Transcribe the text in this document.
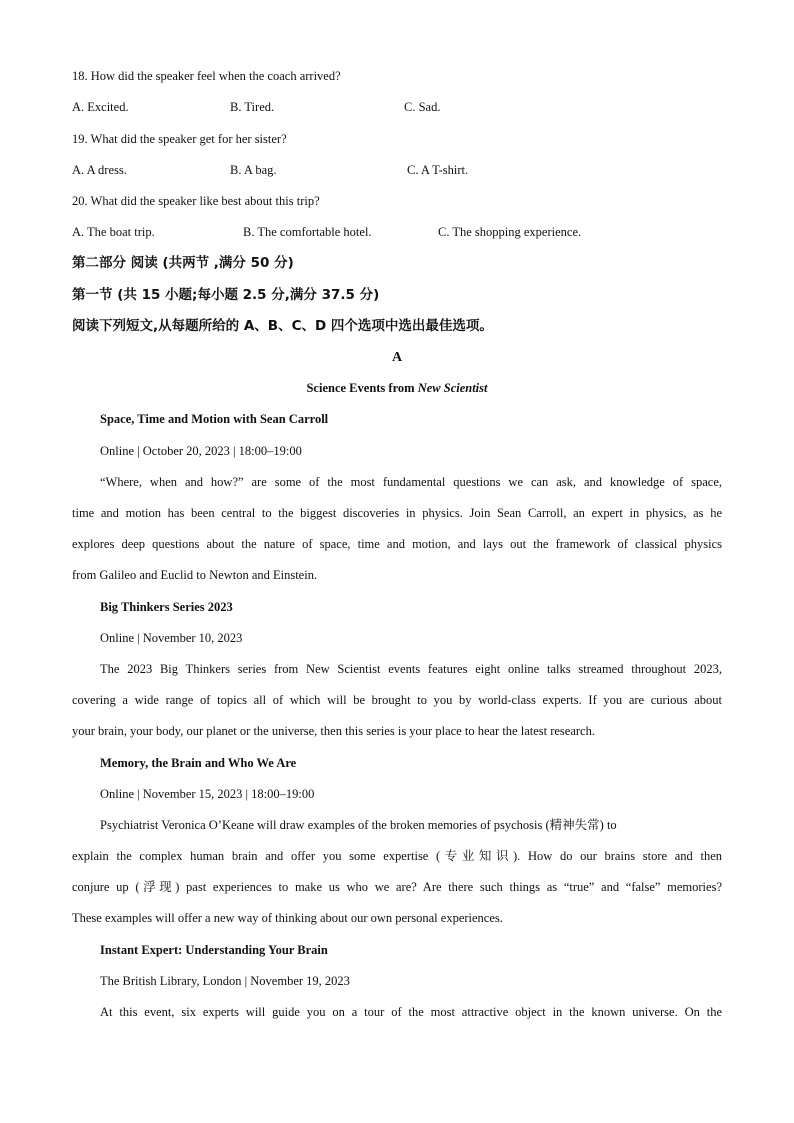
18. How did the speaker feel when the coach arrived?
A. Excited.	B. Tired.	C. Sad.
19. What did the speaker get for her sister?
A. A dress.	B. A bag.	C. A T-shirt.
20. What did the speaker like best about this trip?
A. The boat trip.	B. The comfortable hotel.	C. The shopping experience.
第二部分 阅读 (共两节 ,满分 50 分)
第一节 (共 15 小题;每小题 2.5 分,满分 37.5 分)
阅读下列短文,从每题所给的 A、B、C、D 四个选项中选出最佳选项。
A
Science Events from New Scientist
Space, Time and Motion with Sean Carroll
Online | October 20, 2023 | 18:00–19:00
“Where, when and how?” are some of the most fundamental questions we can ask, and knowledge of space,
time and motion has been central to the biggest discoveries in physics. Join Sean Carroll, an expert in physics, as he
explores deep questions about the nature of space, time and motion, and lays out the framework of classical physics
from Galileo and Euclid to Newton and Einstein.
Big Thinkers Series 2023
Online | November 10, 2023
The 2023 Big Thinkers series from New Scientist events features eight online talks streamed throughout 2023,
covering a wide range of topics all of which will be brought to you by world-class experts. If you are curious about
your brain, your body, our planet or the universe, then this series is your place to hear the latest research.
Memory, the Brain and Who We Are
Online | November 15, 2023 | 18:00–19:00
Psychiatrist Veronica O’Keane will draw examples of the broken memories of psychosis (精神失常) to
explain the complex human brain and offer you some expertise (专业知识). How do our brains store and then
conjure up (浮现) past experiences to make us who we are? Are there such things as “true” and “false” memories?
These examples will offer a new way of thinking about our own personal experiences.
Instant Expert: Understanding Your Brain
The British Library, London | November 19, 2023
At this event, six experts will guide you on a tour of the most attractive object in the known universe. On the
